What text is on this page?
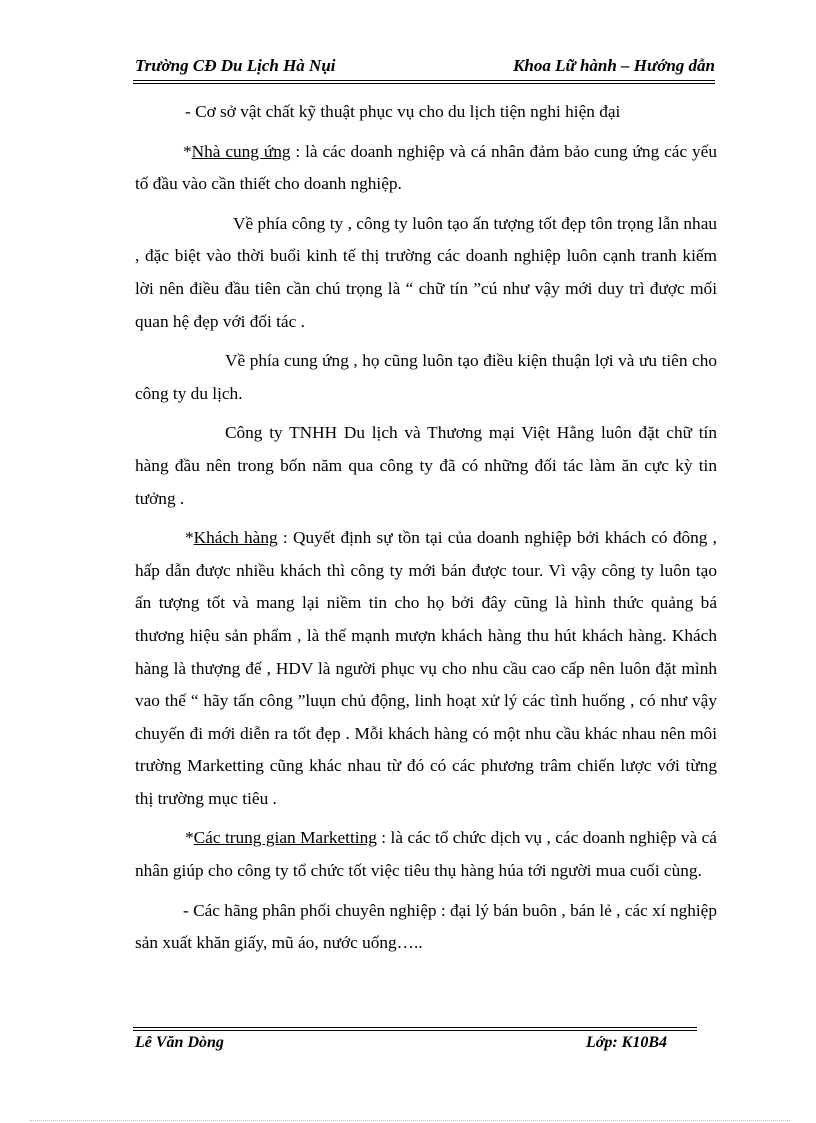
Trường CĐ Du Lịch Hà Nụi	Khoa Lữ hành – Hướng dẫn

- Cơ sở vật chất kỹ thuật phục vụ cho du lịch tiện nghi hiện đại

*Nhà cung ứng : là các doanh nghiệp và cá nhân đảm bảo cung ứng các yếu tố đầu vào cần thiết cho doanh nghiệp.

Về phía công ty , công ty luôn tạo ấn tượng tốt đẹp tôn trọng lẫn nhau , đặc biệt vào thời buổi kinh tế thị trường các doanh nghiệp luôn cạnh tranh kiếm lời nên điều đầu tiên cần chú trọng là “ chữ tín ”cú như vậy mới duy trì được mối quan hệ đẹp với đối tác .

Về phía cung ứng , họ cũng luôn tạo điều kiện thuận lợi và ưu tiên cho công ty du lịch.

Công ty TNHH Du lịch và Thương mại Việt Hằng luôn đặt chữ tín hàng đầu nên trong bốn năm qua công ty đã có những đối tác làm ăn cực kỳ tin tưởng .

*Khách hàng : Quyết định sự tồn tại của doanh nghiệp bởi khách có đông , hấp dẫn được nhiều khách thì công ty mới bán được tour. Vì vậy công ty luôn tạo ấn tượng tốt và mang lại niềm tin cho họ bởi đây cũng là hình thức quảng bá thương hiệu sản phẩm , là thế mạnh mượn khách hàng thu hút khách hàng. Khách hàng là thượng đế , HDV là người phục vụ cho nhu cầu cao cấp nên luôn đặt mình vao thế “ hãy tấn công ”luụn chủ động, linh hoạt xử lý các tình huống , có như vậy chuyến đi mới diễn ra tốt đẹp . Mỗi khách hàng có một nhu cầu khác nhau nên môi trường Marketting cũng khác nhau từ đó có các phương trâm chiến lược với từng thị trường mục tiêu .

*Các trung gian Marketting : là các tổ chức dịch vụ , các doanh nghiệp và cá nhân giúp cho công ty tổ chức tốt việc tiêu thụ hàng húa tới người mua cuối cùng.

- Các hãng phân phối chuyên nghiệp : đại lý bán buôn , bán lẻ , các xí nghiệp sản xuất khăn giấy, mũ áo, nước uống…..

Lê Văn Dòng	Lớp: K10B4
